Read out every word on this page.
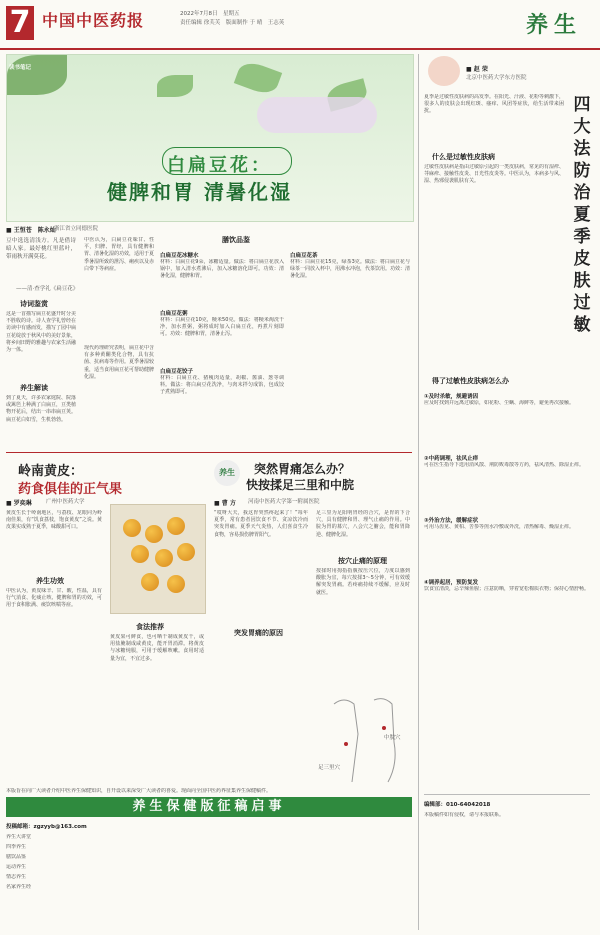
7 中国中医药报	2022年7月8日　星期五
责任编辑 徐芙芙　版面制作 于 晴　王志英	养生
读书笔记
白扁豆花：
健脾和胃 清暑化湿
■ 王恒苍　陈永灿
浙江省立同德医院
豆中选选清浅方。凡是借诗暗人家。最好桃红里蓝叶，带雨秋开满莫花。
——清·查学礼《扁豆花》
诗词鉴赏
这是一首描写扁豆花盛开时分美不胜收的诗。诗人查学礼曾经在访读中有感而发，描写了园中扁豆花绽放于秋风中的美好景象，将乡间田野的雅趣与农家生活融为一体。
养生解读
到了夏天，许多农家庭院、院落或篱笆上种满了白扁豆，豆类植物开花后，结出一串串扁豆荚。扁豆花白如雪，生机勃勃。
中医认为，白扁豆花味甘、性平，归脾、胃经，具有健脾和胃、清暑化湿的功效，适用于夏季暑湿所致的泄泻、痢疾以及赤白带下等病症。
现代药理研究表明，扁豆花中含有多种黄酮类化合物，具有抗菌、抗病毒等作用。夏季暑湿较重，适当食用扁豆花可帮助健脾化湿。
膳饮品鉴
白扁豆花冰糖水
材料：白扁豆花9朵，冰糖适量。做法：将白扁豆花放入锅中，加入清水煮沸后，加入冰糖溶化即可。功效：清暑化湿，健脾和胃。
白扁豆花粥
材料：白扁豆花10克，粳米50克。做法：将粳米淘洗干净，加水煮粥，粥将成时加入白扁豆花，再煮片刻即可。功效：健脾和胃，清暑止泻。
白扁豆花饺子
材料：白扁豆花、猪瘦肉适量，胡椒、酱油、葱等调料。做法：将白扁豆花洗净，与肉末拌匀成馅，包成饺子煮熟即可。
白扁豆花茶
材料：白扁豆花15克，绿茶3克。做法：将白扁豆花与绿茶一同放入杯中，用沸水冲泡，代茶饮用。功效：清暑化湿。
岭南黄皮：
药食俱佳的正气果
■ 罗奕琳	广州中医药大学
黄皮生长于岭南地区，与荔枝、龙眼同为岭南佳果，有“饥食荔枝，饱食黄皮”之说。黄皮果实成熟于夏季，味酸甜可口。
养生功效
中医认为，黄皮味辛、甘、酸，性温，具有行气消食、化痰止咳、健脾和胃的功效，可用于食积胀满、痰饮咳喘等症。
食法推荐
黄皮果可鲜食，也可晒干制成黄皮干，或用盐腌制成咸黄皮，能开胃消滞。将黄皮与冰糖炖服，可用于缓解咳嗽。食用时适量为宜，不宜过多。
养生	突然胃痛怎么办？
快按揉足三里和中脘
■ 曹 方 河南中医药大学第一附属医院
“哎呀大夫，我这胃突然疼起来了！”每年夏季，常有患者因饮食不节、贪凉饮冷而突发胃痛。夏季天气炎热，人们喜食生冷食物，容易损伤脾胃阳气。
突发胃痛的原因
按穴止痛的原理
足三里为足阳明胃经的合穴，是胃的下合穴，具有健脾和胃、理气止痛的作用。中脘为胃的募穴，八会穴之腑会，能和胃降逆、健脾化湿。
按揉时用拇指指腹按压穴位，力度以感到酸胀为宜，每穴按揉3～5分钟，可有效缓解突发胃痛。若疼痛持续不缓解，应及时就医。
中脘穴
足三里穴
本版旨在向广大读者介绍中医养生保健知识，自开设以来深受广大读者的喜爱。现面向全国中医药界征集养生保健稿件。
养生保健版征稿启事
投稿邮箱：zgzyyb@163.com
养生大讲堂
四季养生
膳饮品鉴
运动养生
情志养生
名家养生经
■ 赵 荣
北京中医药大学东方医院
夏季是过敏性皮肤病的高发季。在阳光、汗液、花粉等刺激下，很多人的皮肤会出现红斑、瘙痒、风团等症状，给生活带来困扰。	四大法防治夏季皮肤过敏
什么是过敏性皮肤病
过敏性皮肤病是指由过敏原引起的一类皮肤病，常见的有湿疹、荨麻疹、接触性皮炎、日光性皮炎等。中医认为，本病多与风、湿、热邪侵袭肌肤有关。
得了过敏性皮肤病怎么办
①及时杀敏，规避诱因
应及时找到并远离过敏原，如花粉、尘螨、海鲜等，避免再次接触。
②中药调理，祛风止痒
可在医生指导下选用消风散、荆防败毒散等方药，祛风清热、除湿止痒。
③外治方法，缓解症状
可用马齿苋、黄柏、苦参等煎水冷敷或外洗，清热解毒、燥湿止痒。
④调养起居，预防复发
饮食宜清淡，忌辛辣鱼腥；注意防晒，穿着宽松棉质衣物；保持心情舒畅。
编辑部：010-64042018
本版稿件如有侵权，请与本报联系。
